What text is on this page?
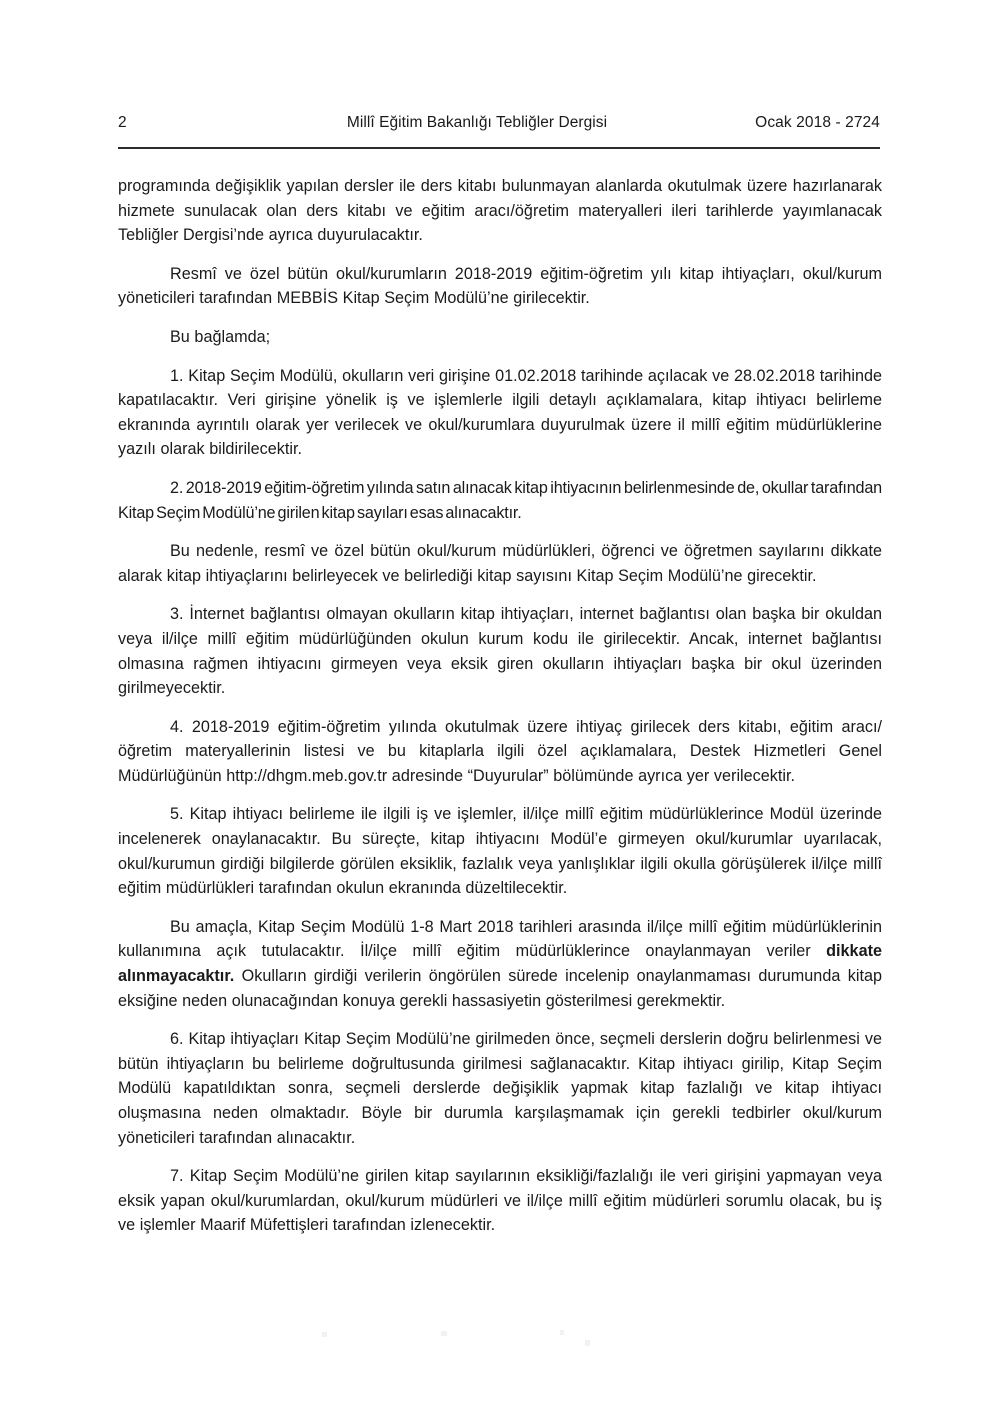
2	Millî Eğitim Bakanlığı Tebliğler Dergisi	Ocak 2018 - 2724

programında değişiklik yapılan dersler ile ders kitabı bulunmayan alanlarda okutulmak üzere hazırlanarak hizmete sunulacak olan ders kitabı ve eğitim aracı/öğretim materyalleri ileri tarihlerde yayımlanacak Tebliğler Dergisi’nde ayrıca duyurulacaktır.

Resmî ve özel bütün okul/kurumların 2018-2019 eğitim-öğretim yılı kitap ihtiyaçları, okul/kurum yöneticileri tarafından MEBBİS Kitap Seçim Modülü’ne girilecektir.

Bu bağlamda;

1. Kitap Seçim Modülü, okulların veri girişine 01.02.2018 tarihinde açılacak ve 28.02.2018 tarihinde kapatılacaktır. Veri girişine yönelik iş ve işlemlerle ilgili detaylı açıklamalara, kitap ihtiyacı belirleme ekranında ayrıntılı olarak yer verilecek ve okul/kurumlara duyurulmak üzere il millî eğitim müdürlüklerine yazılı olarak bildirilecektir.

2. 2018-2019 eğitim-öğretim yılında satın alınacak kitap ihtiyacının belirlenmesinde de, okullar tarafından Kitap Seçim Modülü’ne girilen kitap sayıları esas alınacaktır.

Bu nedenle, resmî ve özel bütün okul/kurum müdürlükleri, öğrenci ve öğretmen sayılarını dikkate alarak kitap ihtiyaçlarını belirleyecek ve belirlediği kitap sayısını Kitap Seçim Modülü’ne girecektir.

3. İnternet bağlantısı olmayan okulların kitap ihtiyaçları, internet bağlantısı olan başka bir okuldan veya il/ilçe millî eğitim müdürlüğünden okulun kurum kodu ile girilecektir. Ancak, internet bağlantısı olmasına rağmen ihtiyacını girmeyen veya eksik giren okulların ihtiyaçları başka bir okul üzerinden girilmeyecektir.

4. 2018-2019 eğitim-öğretim yılında okutulmak üzere ihtiyaç girilecek ders kitabı, eğitim aracı/öğretim materyallerinin listesi ve bu kitaplarla ilgili özel açıklamalara, Destek Hizmetleri Genel Müdürlüğünün http://dhgm.meb.gov.tr adresinde “Duyurular” bölümünde ayrıca yer verilecektir.

5. Kitap ihtiyacı belirleme ile ilgili iş ve işlemler, il/ilçe millî eğitim müdürlüklerince Modül üzerinde incelenerek onaylanacaktır. Bu süreçte, kitap ihtiyacını Modül’e girmeyen okul/kurumlar uyarılacak, okul/kurumun girdiği bilgilerde görülen eksiklik, fazlalık veya yanlışlıklar ilgili okulla görüşülerek il/ilçe millî eğitim müdürlükleri tarafından okulun ekranında düzeltilecektir.

Bu amaçla, Kitap Seçim Modülü 1-8 Mart 2018 tarihleri arasında il/ilçe millî eğitim müdürlüklerinin kullanımına açık tutulacaktır. İl/ilçe millî eğitim müdürlüklerince onaylanmayan veriler dikkate alınmayacaktır. Okulların girdiği verilerin öngörülen sürede incelenip onaylanmaması durumunda kitap eksiğine neden olunacağından konuya gerekli hassasiyetin gösterilmesi gerekmektir.

6. Kitap ihtiyaçları Kitap Seçim Modülü’ne girilmeden önce, seçmeli derslerin doğru belirlenmesi ve bütün ihtiyaçların bu belirleme doğrultusunda girilmesi sağlanacaktır. Kitap ihtiyacı girilip, Kitap Seçim Modülü kapatıldıktan sonra, seçmeli derslerde değişiklik yapmak kitap fazlalığı ve kitap ihtiyacı oluşmasına neden olmaktadır. Böyle bir durumla karşılaşmamak için gerekli tedbirler okul/kurum yöneticileri tarafından alınacaktır.

7. Kitap Seçim Modülü’ne girilen kitap sayılarının eksikliği/fazlalığı ile veri girişini yapmayan veya eksik yapan okul/kurumlardan, okul/kurum müdürleri ve il/ilçe millî eğitim müdürleri sorumlu olacak, bu iş ve işlemler Maarif Müfettişleri tarafından izlenecektir.
